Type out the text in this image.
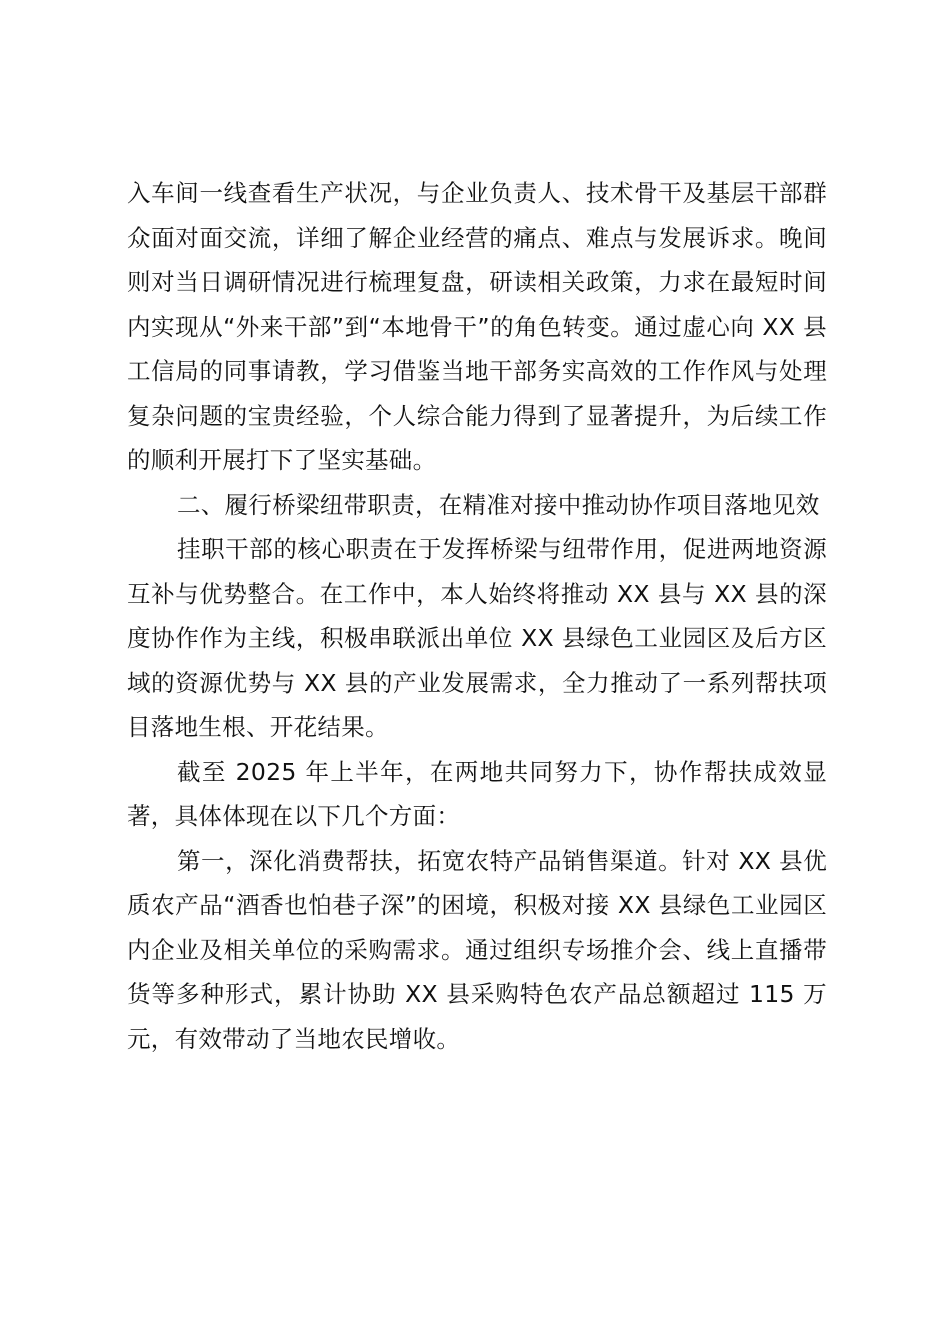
入车间一线查看生产状况，与企业负责人、技术骨干及基层干部群众面对面交流，详细了解企业经营的痛点、难点与发展诉求。晚间则对当日调研情况进行梳理复盘，研读相关政策，力求在最短时间内实现从“外来干部”到“本地骨干”的角色转变。通过虚心向 XX 县工信局的同事请教，学习借鉴当地干部务实高效的工作作风与处理复杂问题的宝贵经验，个人综合能力得到了显著提升，为后续工作的顺利开展打下了坚实基础。

二、履行桥梁纽带职责，在精准对接中推动协作项目落地见效

挂职干部的核心职责在于发挥桥梁与纽带作用，促进两地资源互补与优势整合。在工作中，本人始终将推动 XX 县与 XX 县的深度协作作为主线，积极串联派出单位 XX 县绿色工业园区及后方区域的资源优势与 XX 县的产业发展需求，全力推动了一系列帮扶项目落地生根、开花结果。

截至 2025 年上半年，在两地共同努力下，协作帮扶成效显著，具体体现在以下几个方面：

第一，深化消费帮扶，拓宽农特产品销售渠道。针对 XX 县优质农产品“酒香也怕巷子深”的困境，积极对接 XX 县绿色工业园区内企业及相关单位的采购需求。通过组织专场推介会、线上直播带货等多种形式，累计协助 XX 县采购特色农产品总额超过 115 万元，有效带动了当地农民增收。
